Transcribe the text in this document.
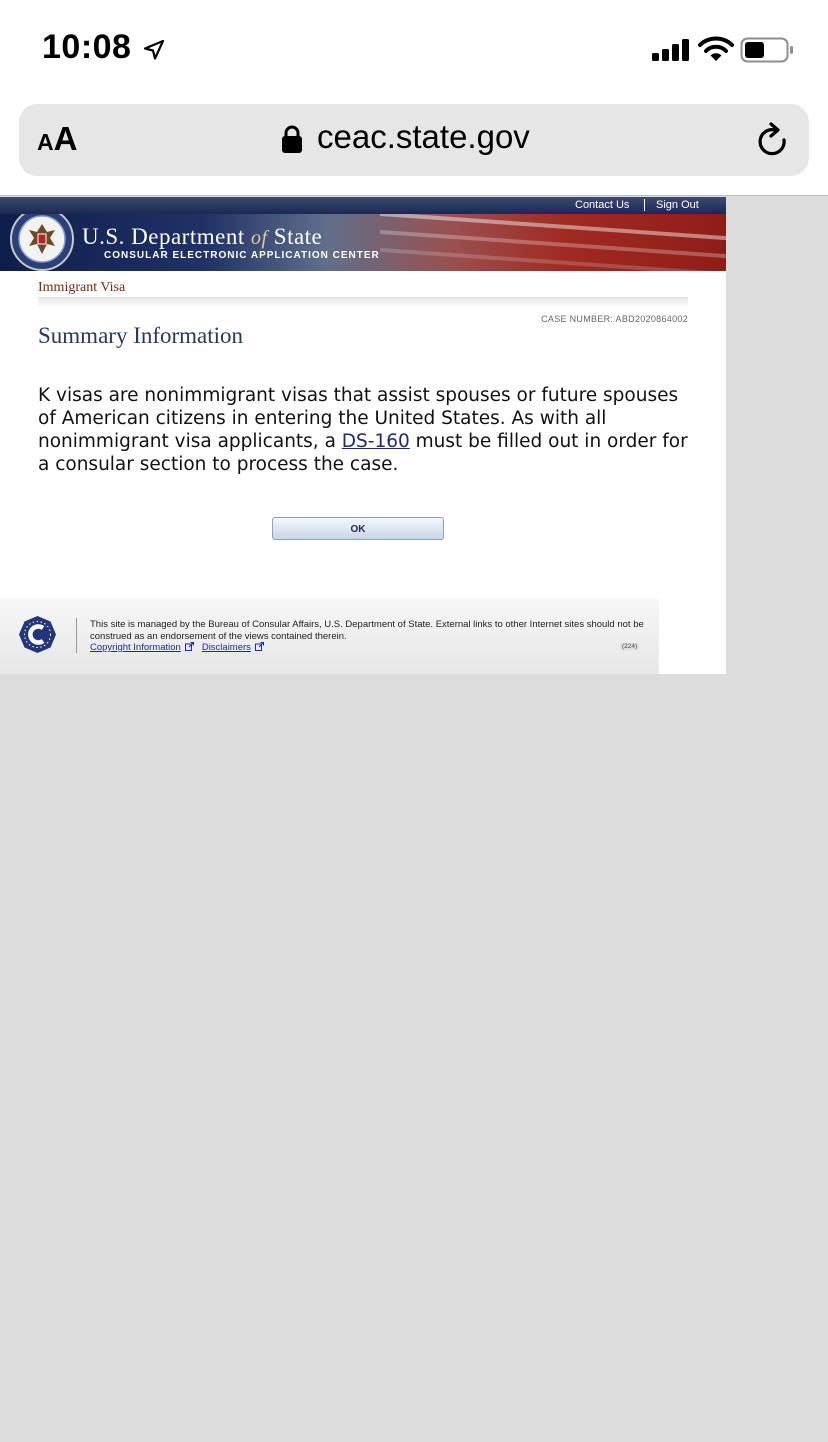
10:08
AA	ceac.state.gov
Contact Us Sign Out
U.S. Department of State
CONSULAR ELECTRONIC APPLICATION CENTER
Immigrant Visa
CASE NUMBER: ABD2020864002
Summary Information
K visas are nonimmigrant visas that assist spouses or future spouses of American citizens in entering the United States. As with all nonimmigrant visa applicants, a DS-160 must be filled out in order for a consular section to process the case.
OK
This site is managed by the Bureau of Consular Affairs, U.S. Department of State. External links to other Internet sites should not be construed as an endorsement of the views contained therein.
Copyright Information Disclaimers	(224)
